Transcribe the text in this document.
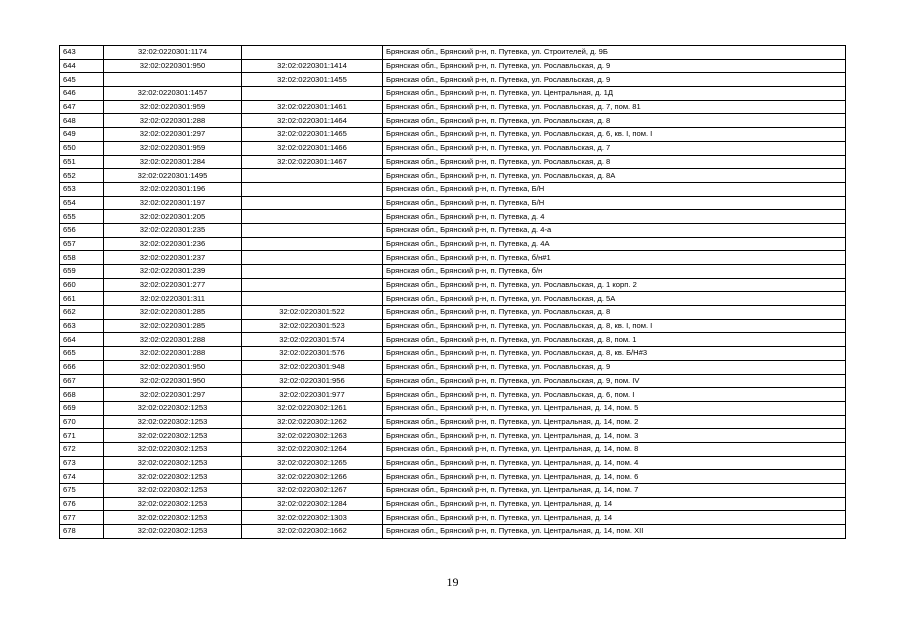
643	32:02:0220301:1174		Брянская обл., Брянский р-н, п. Путевка, ул. Строителей, д. 9Б
644	32:02:0220301:950	32:02:0220301:1414	Брянская обл., Брянский р-н, п. Путевка, ул. Рославльская, д. 9
645		32:02:0220301:1455	Брянская обл., Брянский р-н, п. Путевка, ул. Рославльская, д. 9
646	32:02:0220301:1457		Брянская обл., Брянский р-н, п. Путевка, ул. Центральная, д. 1Д
647	32:02:0220301:959	32:02:0220301:1461	Брянская обл., Брянский р-н, п. Путевка, ул. Рославльская, д. 7, пом. 81
648	32:02:0220301:288	32:02:0220301:1464	Брянская обл., Брянский р-н, п. Путевка, ул. Рославльская, д. 8
649	32:02:0220301:297	32:02:0220301:1465	Брянская обл., Брянский р-н, п. Путевка, ул. Рославльская, д. 6, кв. I, пом. I
650	32:02:0220301:959	32:02:0220301:1466	Брянская обл., Брянский р-н, п. Путевка, ул. Рославльская, д. 7
651	32:02:0220301:284	32:02:0220301:1467	Брянская обл., Брянский р-н, п. Путевка, ул. Рославльская, д. 8
652	32:02:0220301:1495		Брянская обл., Брянский р-н, п. Путевка, ул. Рославльская, д. 8А
653	32:02:0220301:196		Брянская обл., Брянский р-н, п. Путевка, Б/Н
654	32:02:0220301:197		Брянская обл., Брянский р-н, п. Путевка, Б/Н
655	32:02:0220301:205		Брянская обл., Брянский р-н, п. Путевка, д. 4
656	32:02:0220301:235		Брянская обл., Брянский р-н, п. Путевка, д. 4-а
657	32:02:0220301:236		Брянская обл., Брянский р-н, п. Путевка, д. 4А
658	32:02:0220301:237		Брянская обл., Брянский р-н, п. Путевка, б/н#1
659	32:02:0220301:239		Брянская обл., Брянский р-н, п. Путевка, б/н
660	32:02:0220301:277		Брянская обл., Брянский р-н, п. Путевка, ул. Рославльская, д. 1 корп. 2
661	32:02:0220301:311		Брянская обл., Брянский р-н, п. Путевка, ул. Рославльская, д. 5А
662	32:02:0220301:285	32:02:0220301:522	Брянская обл., Брянский р-н, п. Путевка, ул. Рославльская, д. 8
663	32:02:0220301:285	32:02:0220301:523	Брянская обл., Брянский р-н, п. Путевка, ул. Рославльская, д. 8, кв. I, пом. I
664	32:02:0220301:288	32:02:0220301:574	Брянская обл., Брянский р-н, п. Путевка, ул. Рославльская, д. 8, пом. 1
665	32:02:0220301:288	32:02:0220301:576	Брянская обл., Брянский р-н, п. Путевка, ул. Рославльская, д. 8, кв. Б/Н#3
666	32:02:0220301:950	32:02:0220301:948	Брянская обл., Брянский р-н, п. Путевка, ул. Рославльская, д. 9
667	32:02:0220301:950	32:02:0220301:956	Брянская обл., Брянский р-н, п. Путевка, ул. Рославльская, д. 9, пом. IV
668	32:02:0220301:297	32:02:0220301:977	Брянская обл., Брянский р-н, п. Путевка, ул. Рославльская, д. 6, пом. I
669	32:02:0220302:1253	32:02:0220302:1261	Брянская обл., Брянский р-н, п. Путевка, ул. Центральная, д. 14, пом. 5
670	32:02:0220302:1253	32:02:0220302:1262	Брянская обл., Брянский р-н, п. Путевка, ул. Центральная, д. 14, пом. 2
671	32:02:0220302:1253	32:02:0220302:1263	Брянская обл., Брянский р-н, п. Путевка, ул. Центральная, д. 14, пом. 3
672	32:02:0220302:1253	32:02:0220302:1264	Брянская обл., Брянский р-н, п. Путевка, ул. Центральная, д. 14, пом. 8
673	32:02:0220302:1253	32:02:0220302:1265	Брянская обл., Брянский р-н, п. Путевка, ул. Центральная, д. 14, пом. 4
674	32:02:0220302:1253	32:02:0220302:1266	Брянская обл., Брянский р-н, п. Путевка, ул. Центральная, д. 14, пом. 6
675	32:02:0220302:1253	32:02:0220302:1267	Брянская обл., Брянский р-н, п. Путевка, ул. Центральная, д. 14, пом. 7
676	32:02:0220302:1253	32:02:0220302:1284	Брянская обл., Брянский р-н, п. Путевка, ул. Центральная, д. 14
677	32:02:0220302:1253	32:02:0220302:1303	Брянская обл., Брянский р-н, п. Путевка, ул. Центральная, д. 14
678	32:02:0220302:1253	32:02:0220302:1662	Брянская обл., Брянский р-н, п. Путевка, ул. Центральная, д. 14, пом. XII
19
